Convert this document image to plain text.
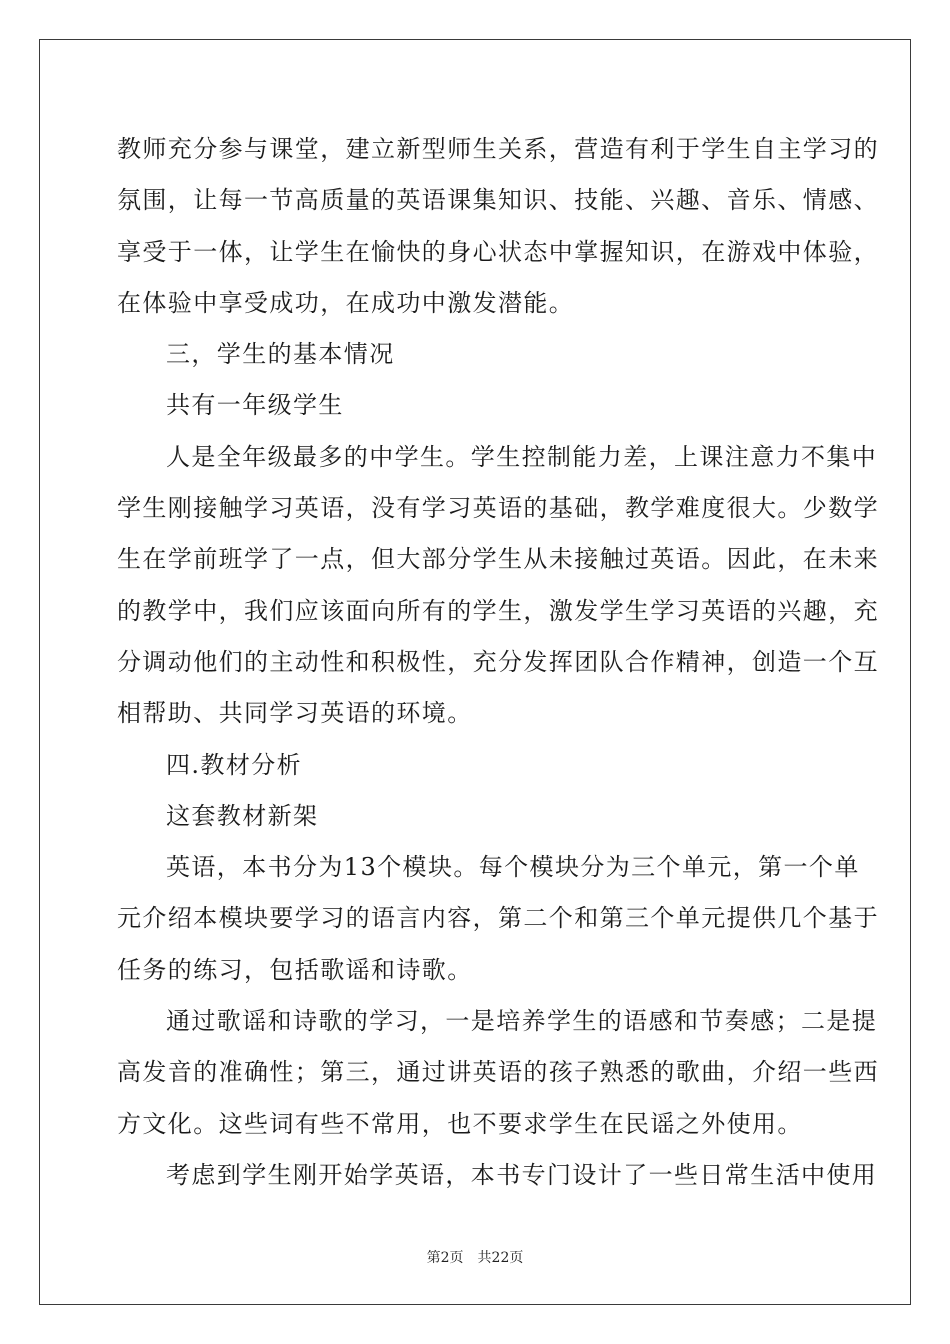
教师充分参与课堂，建立新型师生关系，营造有利于学生自主学习的
氛围，让每一节高质量的英语课集知识、技能、兴趣、音乐、情感、
享受于一体，让学生在愉快的身心状态中掌握知识，在游戏中体验，
在体验中享受成功，在成功中激发潜能。
三，学生的基本情况
共有一年级学生
人是全年级最多的中学生。学生控制能力差，上课注意力不集中
学生刚接触学习英语，没有学习英语的基础，教学难度很大。少数学
生在学前班学了一点，但大部分学生从未接触过英语。因此，在未来
的教学中，我们应该面向所有的学生，激发学生学习英语的兴趣，充
分调动他们的主动性和积极性，充分发挥团队合作精神，创造一个互
相帮助、共同学习英语的环境。
四.教材分析
这套教材新架
英语，本书分为13个模块。每个模块分为三个单元，第一个单
元介绍本模块要学习的语言内容，第二个和第三个单元提供几个基于
任务的练习，包括歌谣和诗歌。
通过歌谣和诗歌的学习，一是培养学生的语感和节奏感；二是提
高发音的准确性；第三，通过讲英语的孩子熟悉的歌曲，介绍一些西
方文化。这些词有些不常用，也不要求学生在民谣之外使用。
考虑到学生刚开始学英语，本书专门设计了一些日常生活中使用
第2页 共22页
